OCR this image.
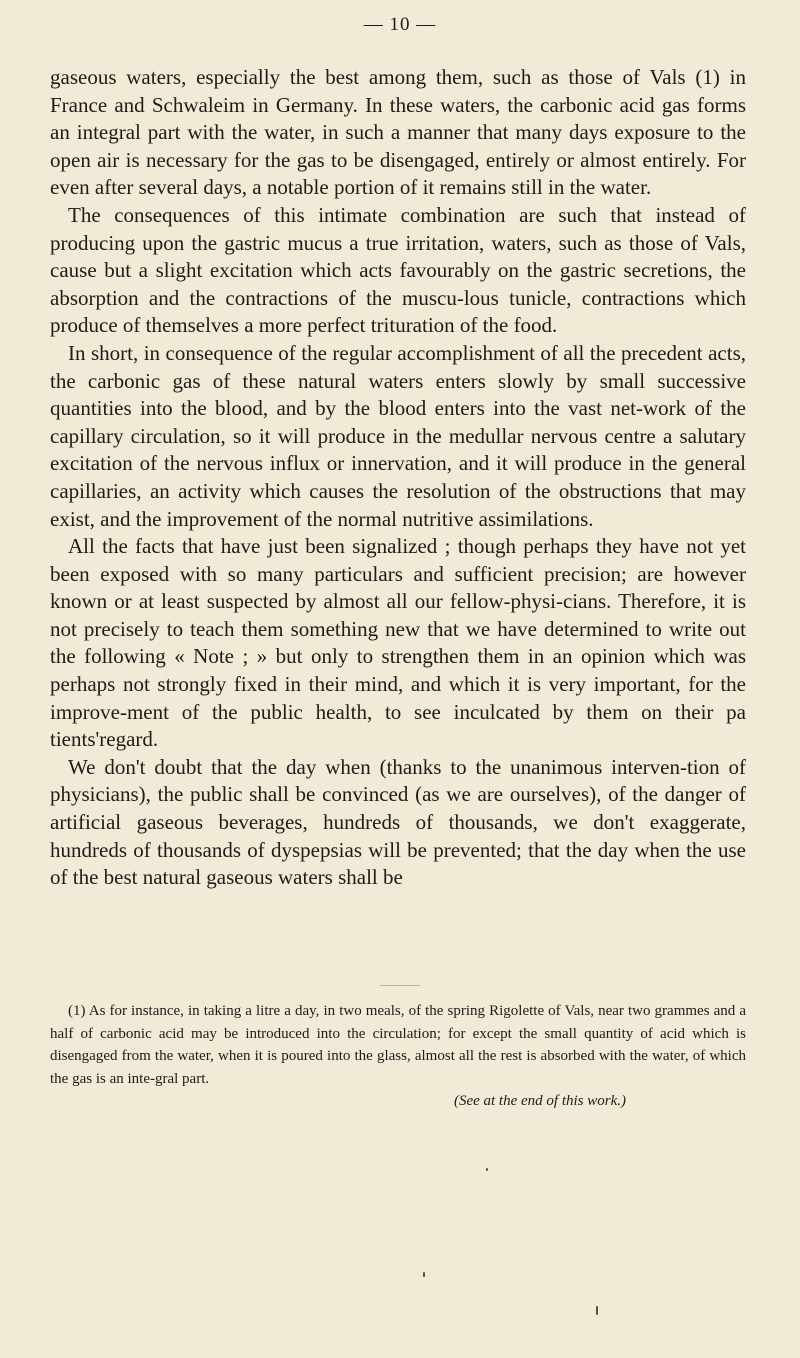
— 10 —

gaseous waters, especially the best among them, such as those of Vals (1) in France and Schwaleim in Germany. In these waters, the carbonic acid gas forms an integral part with the water, in such a manner that many days exposure to the open air is necessary for the gas to be disengaged, entirely or almost entirely. For even after several days, a notable portion of it remains still in the water.

The consequences of this intimate combination are such that instead of producing upon the gastric mucus a true irritation, waters, such as those of Vals, cause but a slight excitation which acts favourably on the gastric secretions, the absorption and the contractions of the muscu-lous tunicle, contractions which produce of themselves a more perfect trituration of the food.

In short, in consequence of the regular accomplishment of all the precedent acts, the carbonic gas of these natural waters enters slowly by small successive quantities into the blood, and by the blood enters into the vast net-work of the capillary circulation, so it will produce in the medullar nervous centre a salutary excitation of the nervous influx or innervation, and it will produce in the general capillaries, an activity which causes the resolution of the obstructions that may exist, and the improvement of the normal nutritive assimilations.

All the facts that have just been signalized ; though perhaps they have not yet been exposed with so many particulars and sufficient precision; are however known or at least suspected by almost all our fellow-physi-cians. Therefore, it is not precisely to teach them something new that we have determined to write out the following « Note ; » but only to strengthen them in an opinion which was perhaps not strongly fixed in their mind, and which it is very important, for the improve-ment of the public health, to see inculcated by them on their pa tients'regard.

We don't doubt that the day when (thanks to the unanimous interven-tion of physicians), the public shall be convinced (as we are ourselves), of the danger of artificial gaseous beverages, hundreds of thousands, we don't exaggerate, hundreds of thousands of dyspepsias will be prevented; that the day when the use of the best natural gaseous waters shall be

(1) As for instance, in taking a litre a day, in two meals, of the spring Rigolette of Vals, near two grammes and a half of carbonic acid may be introduced into the circulation; for except the small quantity of acid which is disengaged from the water, when it is poured into the glass, almost all the rest is absorbed with the water, of which the gas is an inte-gral part.

(See at the end of this work.)
